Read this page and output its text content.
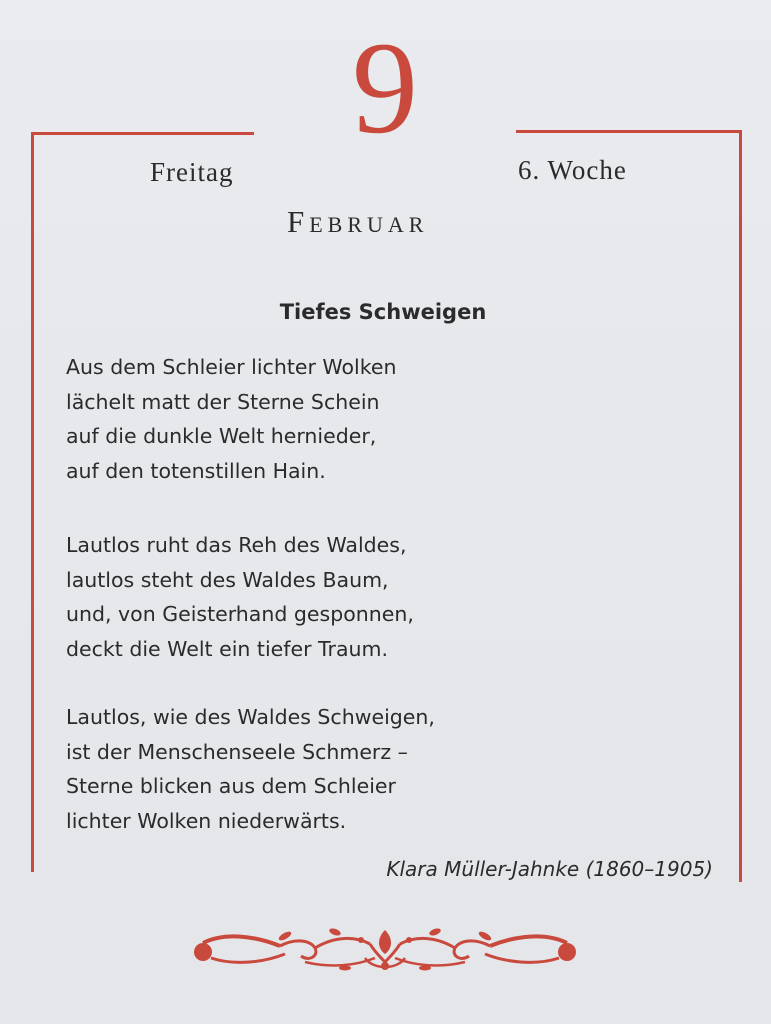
9
Freitag	6. Woche
Februar
Tiefes Schweigen
Aus dem Schleier lichter Wolken
lächelt matt der Sterne Schein
auf die dunkle Welt hernieder,
auf den totenstillen Hain.
Lautlos ruht das Reh des Waldes,
lautlos steht des Waldes Baum,
und, von Geisterhand gesponnen,
deckt die Welt ein tiefer Traum.
Lautlos, wie des Waldes Schweigen,
ist der Menschenseele Schmerz –
Sterne blicken aus dem Schleier
lichter Wolken niederwärts.
Klara Müller-Jahnke (1860–1905)
